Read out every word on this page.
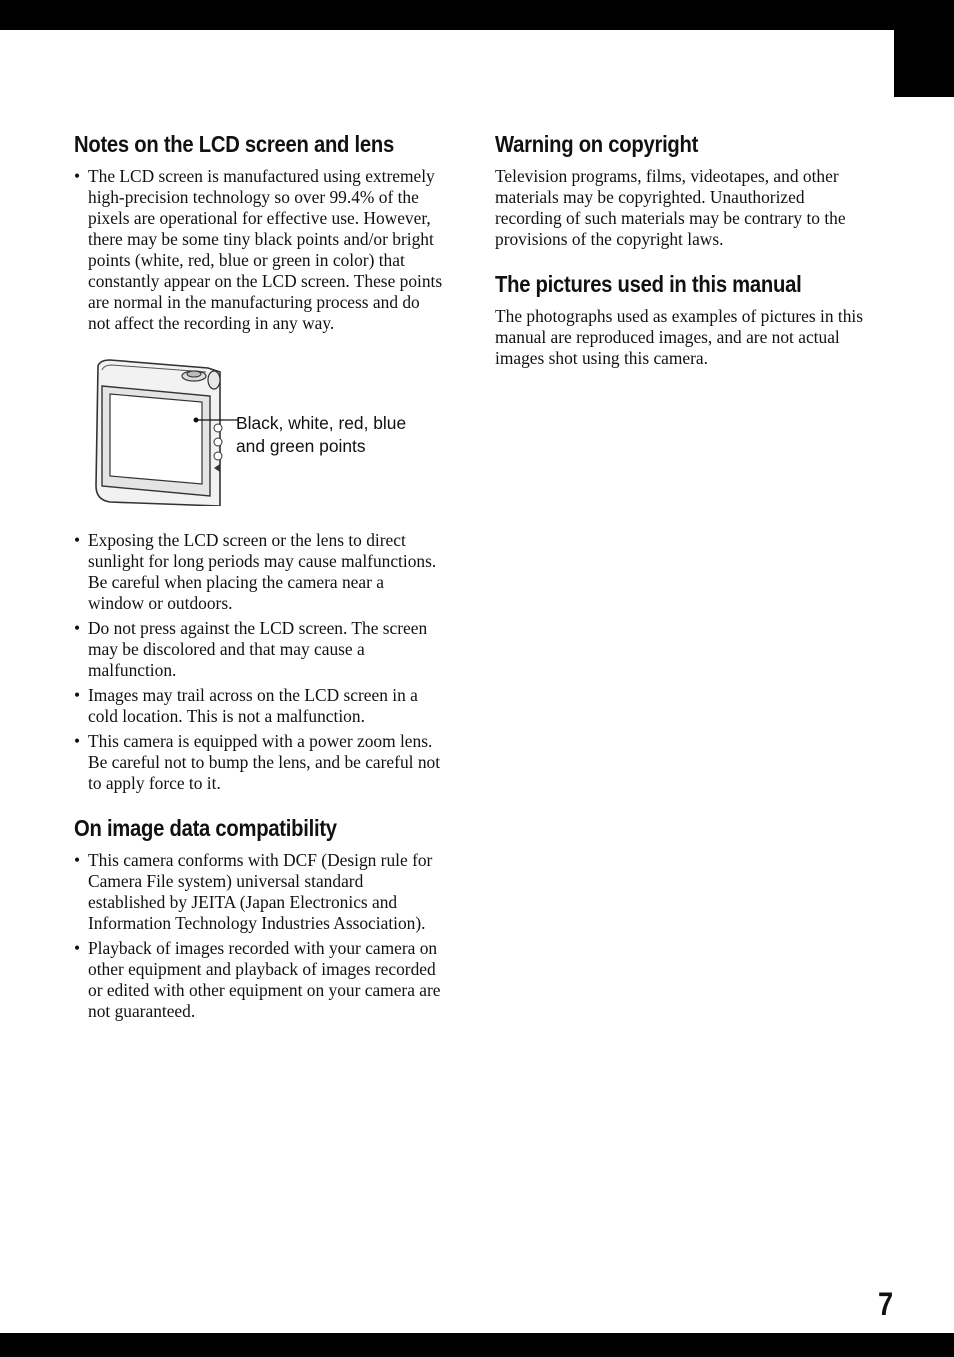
Notes on the LCD screen and lens
• The LCD screen is manufactured using extremely high-precision technology so over 99.4% of the pixels are operational for effective use. However, there may be some tiny black points and/or bright points (white, red, blue or green in color) that constantly appear on the LCD screen. These points are normal in the manufacturing process and do not affect the recording in any way.
Black, white, red, blue and green points
• Exposing the LCD screen or the lens to direct sunlight for long periods may cause malfunctions. Be careful when placing the camera near a window or outdoors.
• Do not press against the LCD screen. The screen may be discolored and that may cause a malfunction.
• Images may trail across on the LCD screen in a cold location. This is not a malfunction.
• This camera is equipped with a power zoom lens. Be careful not to bump the lens, and be careful not to apply force to it.
On image data compatibility
• This camera conforms with DCF (Design rule for Camera File system) universal standard established by JEITA (Japan Electronics and Information Technology Industries Association).
• Playback of images recorded with your camera on other equipment and playback of images recorded or edited with other equipment on your camera are not guaranteed.
Warning on copyright

Television programs, films, videotapes, and other materials may be copyrighted. Unauthorized recording of such materials may be contrary to the provisions of the copyright laws.

The pictures used in this manual

The photographs used as examples of pictures in this manual are reproduced images, and are not actual images shot using this camera.

7
